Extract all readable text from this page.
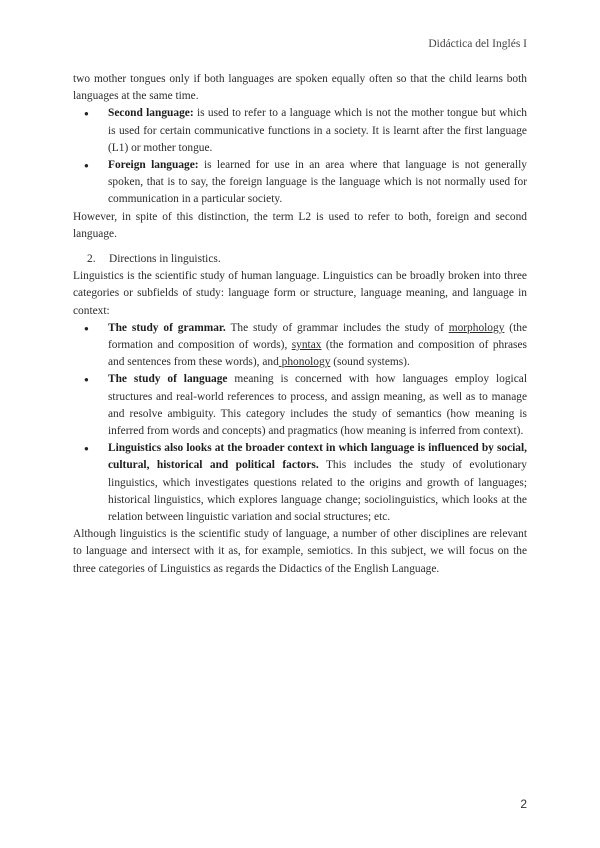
Didáctica del Inglés I

two mother tongues only if both languages are spoken equally often so that the child learns both languages at the same time.

● Second language: is used to refer to a language which is not the mother tongue but which is used for certain communicative functions in a society. It is learnt after the first language (L1) or mother tongue.
● Foreign language: is learned for use in an area where that language is not generally spoken, that is to say, the foreign language is the language which is not normally used for communication in a particular society.

However, in spite of this distinction, the term L2 is used to refer to both, foreign and second language.

2. Directions in linguistics.

Linguistics is the scientific study of human language. Linguistics can be broadly broken into three categories or subfields of study: language form or structure, language meaning, and language in context:

● The study of grammar. The study of grammar includes the study of morphology (the formation and composition of words), syntax (the formation and composition of phrases and sentences from these words), and phonology (sound systems).
● The study of language meaning is concerned with how languages employ logical structures and real-world references to process, and assign meaning, as well as to manage and resolve ambiguity. This category includes the study of semantics (how meaning is inferred from words and concepts) and pragmatics (how meaning is inferred from context).
● Linguistics also looks at the broader context in which language is influenced by social, cultural, historical and political factors. This includes the study of evolutionary linguistics, which investigates questions related to the origins and growth of languages; historical linguistics, which explores language change; sociolinguistics, which looks at the relation between linguistic variation and social structures; etc.

Although linguistics is the scientific study of language, a number of other disciplines are relevant to language and intersect with it as, for example, semiotics. In this subject, we will focus on the three categories of Linguistics as regards the Didactics of the English Language.

2
